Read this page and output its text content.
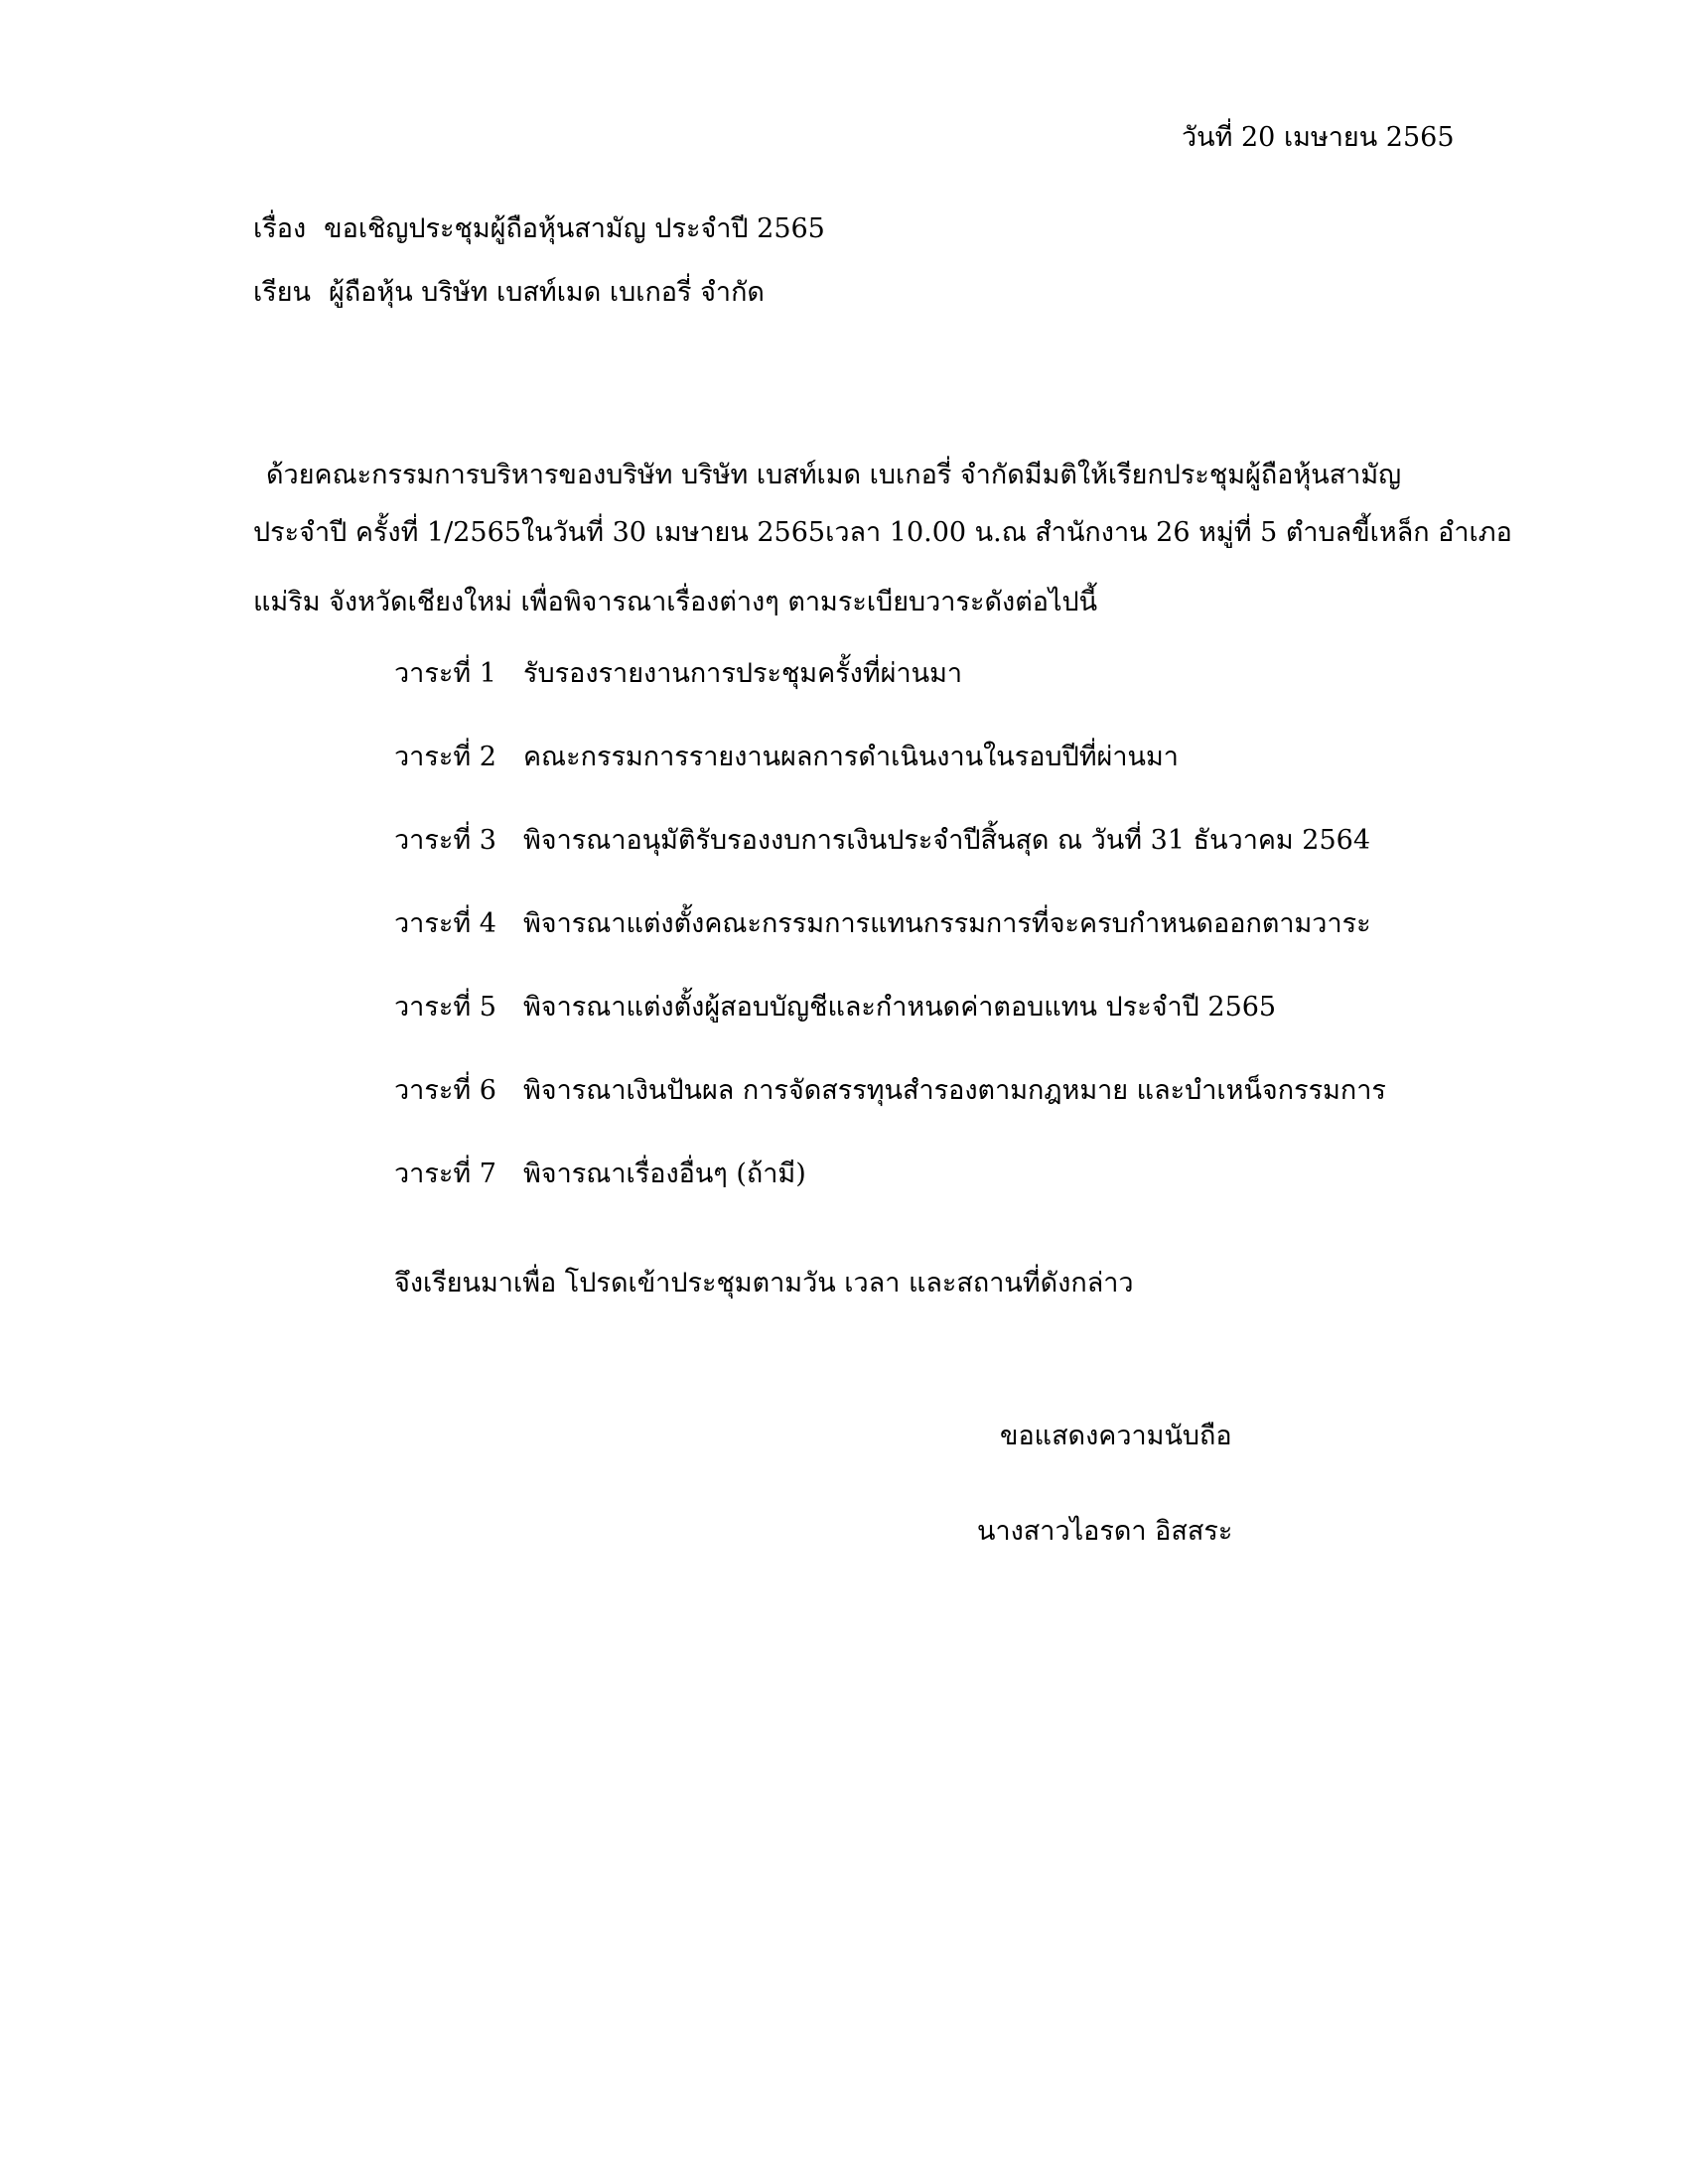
วันที่ 20 เมษายน 2565
เรื่อง ขอเชิญประชุมผู้ถือหุ้นสามัญ ประจำปี 2565
เรียน ผู้ถือหุ้น บริษัท เบสท์เมด เบเกอรี่ จำกัด
ด้วยคณะกรรมการบริหารของบริษัท บริษัท เบสท์เมด เบเกอรี่ จำกัดมีมติให้เรียกประชุมผู้ถือหุ้นสามัญ
ประจำปี ครั้งที่ 1/2565ในวันที่ 30 เมษายน 2565เวลา 10.00 น.ณ สำนักงาน 26 หมู่ที่ 5 ตำบลขี้เหล็ก อำเภอ
แม่ริม จังหวัดเชียงใหม่ เพื่อพิจารณาเรื่องต่างๆ ตามระเบียบวาระดังต่อไปนี้
วาระที่ 1 รับรองรายงานการประชุมครั้งที่ผ่านมา
วาระที่ 2 คณะกรรมการรายงานผลการดำเนินงานในรอบปีที่ผ่านมา
วาระที่ 3 พิจารณาอนุมัติรับรองงบการเงินประจำปีสิ้นสุด ณ วันที่ 31 ธันวาคม 2564
วาระที่ 4 พิจารณาแต่งตั้งคณะกรรมการแทนกรรมการที่จะครบกำหนดออกตามวาระ
วาระที่ 5 พิจารณาแต่งตั้งผู้สอบบัญชีและกำหนดค่าตอบแทน ประจำปี 2565
วาระที่ 6 พิจารณาเงินปันผล การจัดสรรทุนสำรองตามกฎหมาย และบำเหน็จกรรมการ
วาระที่ 7 พิจารณาเรื่องอื่นๆ (ถ้ามี)
จึงเรียนมาเพื่อ โปรดเข้าประชุมตามวัน เวลา และสถานที่ดังกล่าว
ขอแสดงความนับถือ
นางสาวไอรดา อิสสระ
